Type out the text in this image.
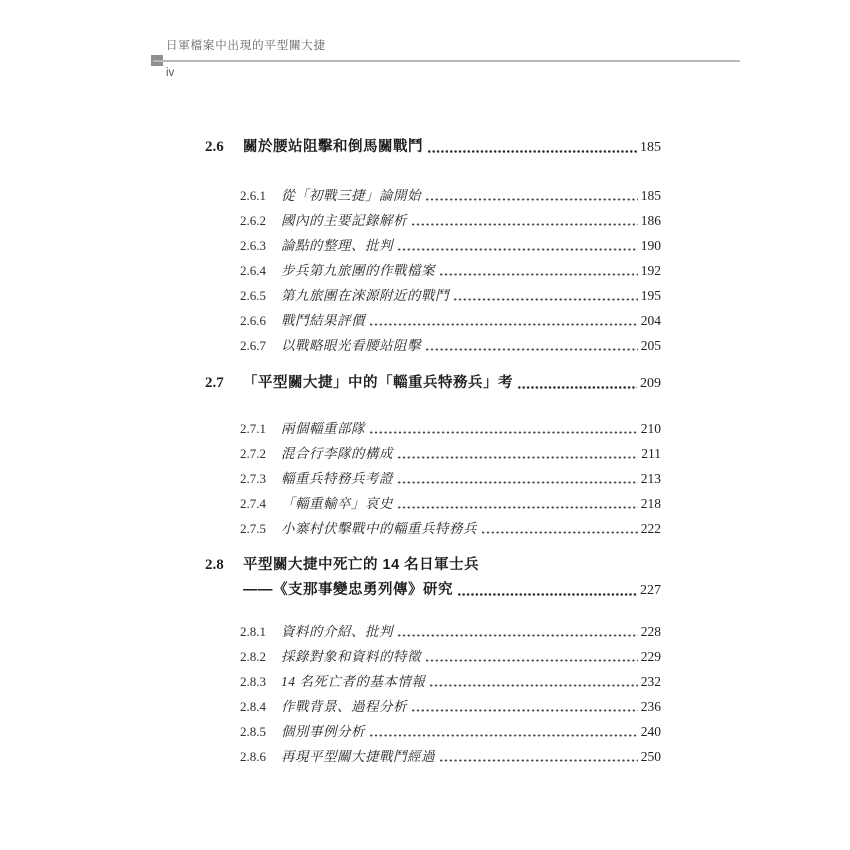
日軍檔案中出現的平型關大捷
iv
2.6	關於腰站阻擊和倒馬關戰鬥	185
2.6.1	從「初戰三捷」論開始	185
2.6.2	國內的主要記錄解析	186
2.6.3	論點的整理、批判	190
2.6.4	步兵第九旅團的作戰檔案	192
2.6.5	第九旅團在淶源附近的戰鬥	195
2.6.6	戰鬥結果評價	204
2.6.7	以戰略眼光看腰站阻擊	205
2.7	「平型關大捷」中的「輜重兵特務兵」考	209
2.7.1	兩個輜重部隊	210
2.7.2	混合行李隊的構成	211
2.7.3	輜重兵特務兵考證	213
2.7.4	「輜重輸卒」哀史	218
2.7.5	小寨村伏擊戰中的輜重兵特務兵	222
2.8	平型關大捷中死亡的 14 名日軍士兵
——《支那事變忠勇列傳》研究	227
2.8.1	資料的介紹、批判	228
2.8.2	採錄對象和資料的特徵	229
2.8.3	14 名死亡者的基本情報	232
2.8.4	作戰背景、過程分析	236
2.8.5	個別事例分析	240
2.8.6	再現平型關大捷戰鬥經過	250
